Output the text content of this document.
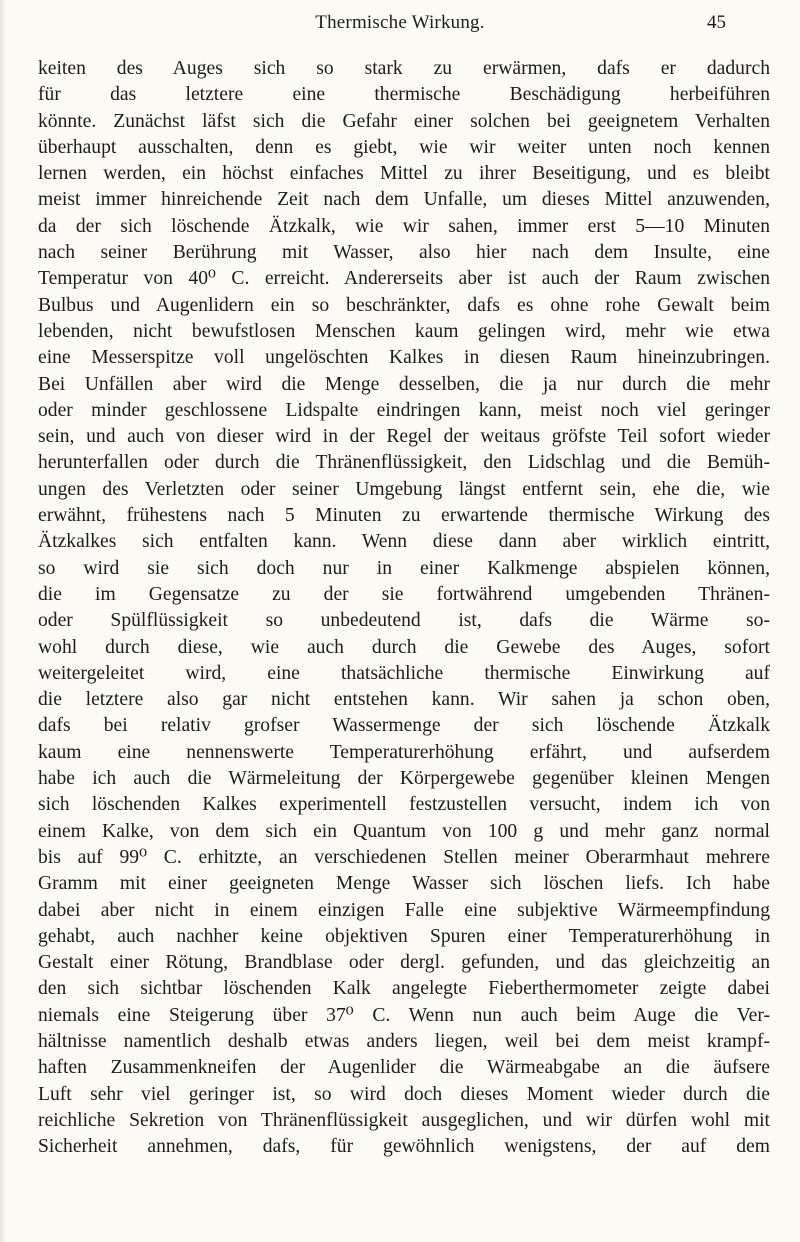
Thermische Wirkung.	45
keiten des Auges sich so stark zu erwärmen, dafs er dadurch
für das letztere eine thermische Beschädigung herbeiführen
könnte. Zunächst läfst sich die Gefahr einer solchen bei geeignetem Verhalten
überhaupt ausschalten, denn es giebt, wie wir weiter unten noch kennen
lernen werden, ein höchst einfaches Mittel zu ihrer Beseitigung, und es bleibt
meist immer hinreichende Zeit nach dem Unfalle, um dieses Mittel anzuwenden,
da der sich löschende Ätzkalk, wie wir sahen, immer erst 5—10 Minuten
nach seiner Berührung mit Wasser, also hier nach dem Insulte, eine
Temperatur von 40⁰ C. erreicht. Andererseits aber ist auch der Raum zwischen
Bulbus und Augenlidern ein so beschränkter, dafs es ohne rohe Gewalt beim
lebenden, nicht bewufstlosen Menschen kaum gelingen wird, mehr wie etwa
eine Messerspitze voll ungelöschten Kalkes in diesen Raum hineinzubringen.
Bei Unfällen aber wird die Menge desselben, die ja nur durch die mehr
oder minder geschlossene Lidspalte eindringen kann, meist noch viel geringer
sein, und auch von dieser wird in der Regel der weitaus gröfste Teil sofort wieder
herunterfallen oder durch die Thränenflüssigkeit, den Lidschlag und die Bemüh-
ungen des Verletzten oder seiner Umgebung längst entfernt sein, ehe die, wie
erwähnt, frühestens nach 5 Minuten zu erwartende thermische Wirkung des
Ätzkalkes sich entfalten kann. Wenn diese dann aber wirklich eintritt,
so wird sie sich doch nur in einer Kalkmenge abspielen können,
die im Gegensatze zu der sie fortwährend umgebenden Thränen-
oder Spülflüssigkeit so unbedeutend ist, dafs die Wärme so-
wohl durch diese, wie auch durch die Gewebe des Auges, sofort
weitergeleitet wird, eine thatsächliche thermische Einwirkung auf
die letztere also gar nicht entstehen kann. Wir sahen ja schon oben,
dafs bei relativ grofser Wassermenge der sich löschende Ätzkalk
kaum eine nennenswerte Temperaturerhöhung erfährt, und aufserdem
habe ich auch die Wärmeleitung der Körpergewebe gegenüber kleinen Mengen
sich löschenden Kalkes experimentell festzustellen versucht, indem ich von
einem Kalke, von dem sich ein Quantum von 100 g und mehr ganz normal
bis auf 99⁰ C. erhitzte, an verschiedenen Stellen meiner Oberarmhaut mehrere
Gramm mit einer geeigneten Menge Wasser sich löschen liefs. Ich habe
dabei aber nicht in einem einzigen Falle eine subjektive Wärmeempfindung
gehabt, auch nachher keine objektiven Spuren einer Temperaturerhöhung in
Gestalt einer Rötung, Brandblase oder dergl. gefunden, und das gleichzeitig an
den sich sichtbar löschenden Kalk angelegte Fieberthermometer zeigte dabei
niemals eine Steigerung über 37⁰ C. Wenn nun auch beim Auge die Ver-
hältnisse namentlich deshalb etwas anders liegen, weil bei dem meist krampf-
haften Zusammenkneifen der Augenlider die Wärmeabgabe an die äufsere
Luft sehr viel geringer ist, so wird doch dieses Moment wieder durch die
reichliche Sekretion von Thränenflüssigkeit ausgeglichen, und wir dürfen wohl mit
Sicherheit annehmen, dafs, für gewöhnlich wenigstens, der auf dem
